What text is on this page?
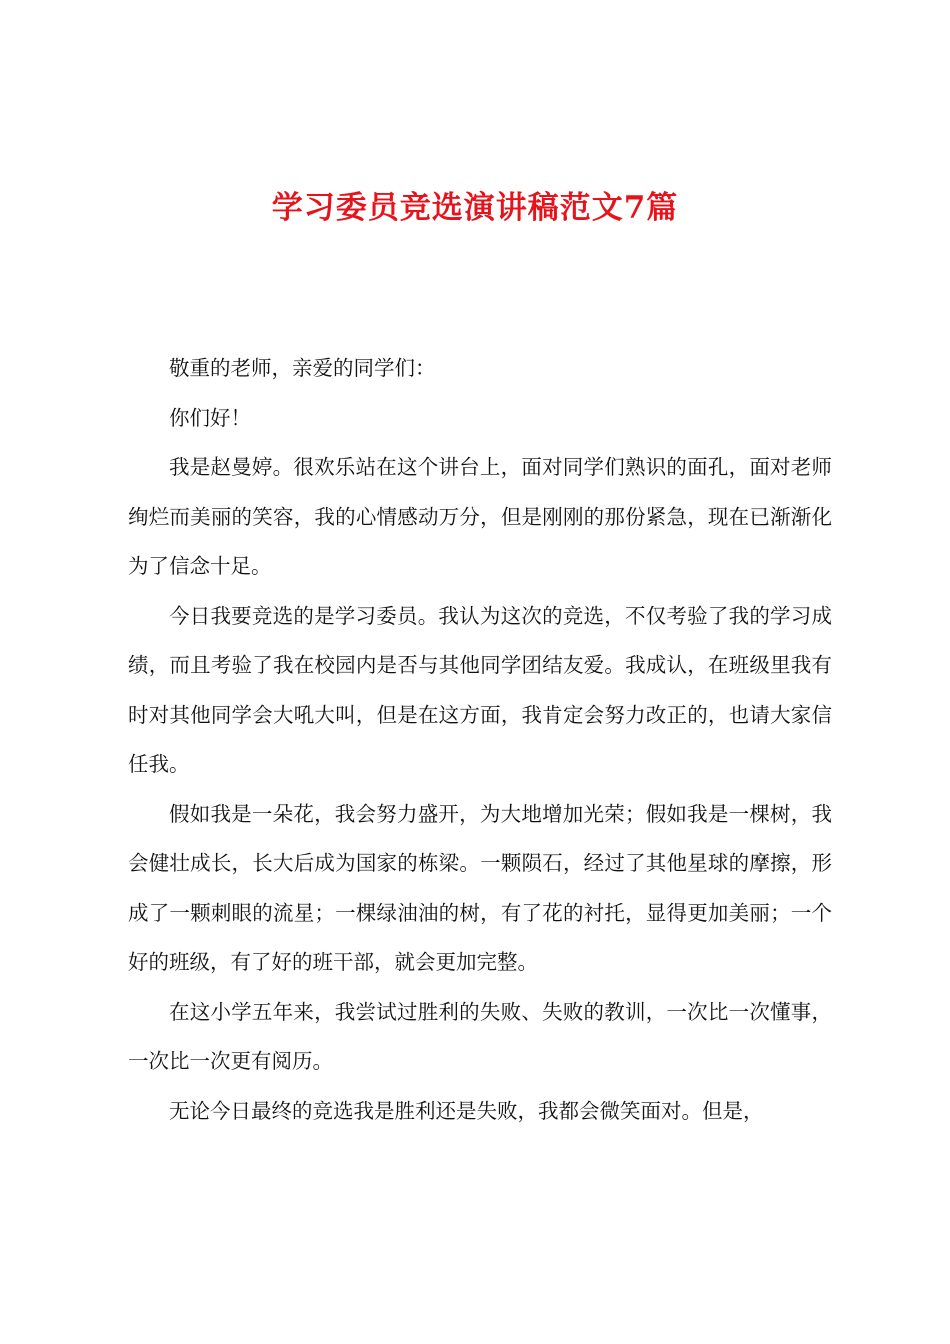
学习委员竞选演讲稿范文7篇

敬重的老师，亲爱的同学们：

你们好！

我是赵曼婷。很欢乐站在这个讲台上，面对同学们熟识的面孔，面对老师绚烂而美丽的笑容，我的心情感动万分，但是刚刚的那份紧急，现在已渐渐化为了信念十足。

今日我要竞选的是学习委员。我认为这次的竞选，不仅考验了我的学习成绩，而且考验了我在校园内是否与其他同学团结友爱。我成认，在班级里我有时对其他同学会大吼大叫，但是在这方面，我肯定会努力改正的，也请大家信任我。

假如我是一朵花，我会努力盛开，为大地增加光荣；假如我是一棵树，我会健壮成长，长大后成为国家的栋梁。一颗陨石，经过了其他星球的摩擦，形成了一颗刺眼的流星；一棵绿油油的树，有了花的衬托，显得更加美丽；一个好的班级，有了好的班干部，就会更加完整。

在这小学五年来，我尝试过胜利的失败、失败的教训，一次比一次懂事，一次比一次更有阅历。

无论今日最终的竞选我是胜利还是失败，我都会微笑面对。但是，
